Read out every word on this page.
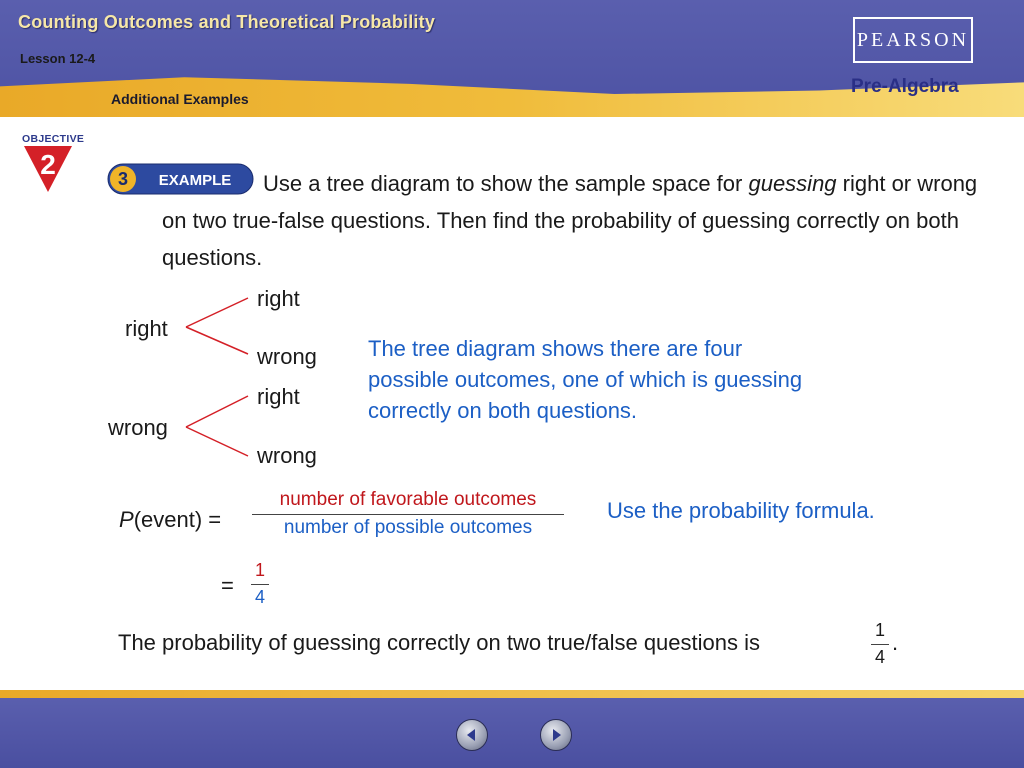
Counting Outcomes and Theoretical Probability
Lesson 12-4
Additional Examples
PEARSON
Pre-Algebra
OBJECTIVE
2	3 EXAMPLE	Use a tree diagram to show the sample space for guessing right or wrong on two true-false questions. Then find the probability of guessing correctly on both questions.
right
wrong
right
wrong
right
wrong
The tree diagram shows there are four possible outcomes, one of which is guessing correctly on both questions.
P(event) =
number of favorable outcomes
number of possible outcomes
Use the probability formula.
=
1
4
The probability of guessing correctly on two true/false questions is	1
4
.
